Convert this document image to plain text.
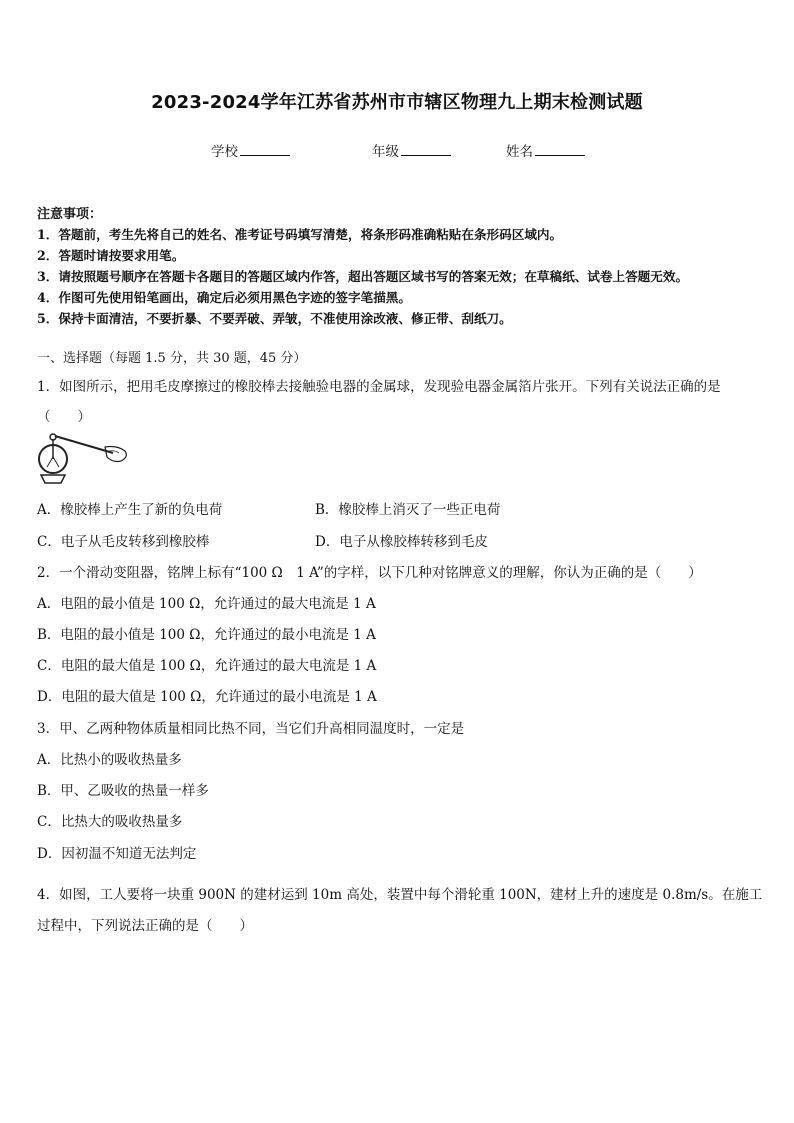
2023-2024学年江苏省苏州市市辖区物理九上期末检测试题
学校	年级	姓名
注意事项：
1．答题前，考生先将自己的姓名、准考证号码填写清楚，将条形码准确粘贴在条形码区域内。
2．答题时请按要求用笔。
3．请按照题号顺序在答题卡各题目的答题区域内作答，超出答题区域书写的答案无效；在草稿纸、试卷上答题无效。
4．作图可先使用铅笔画出，确定后必须用黑色字迹的签字笔描黑。
5．保持卡面清洁，不要折暴、不要弄破、弄皱，不准使用涂改液、修正带、刮纸刀。
一、选择题（每题 1.5 分，共 30 题，45 分）
1．如图所示，把用毛皮摩擦过的橡胶棒去接触验电器的金属球，发现验电器金属箔片张开。下列有关说法正确的是
（　　）
A．橡胶棒上产生了新的负电荷	B．橡胶棒上消灭了一些正电荷
C．电子从毛皮转移到橡胶棒	D．电子从橡胶棒转移到毛皮
2．一个滑动变阻器，铭牌上标有“100 Ω　1 A”的字样，以下几种对铭牌意义的理解，你认为正确的是（　　）
A．电阻的最小值是 100 Ω，允许通过的最大电流是 1 A
B．电阻的最小值是 100 Ω，允许通过的最小电流是 1 A
C．电阻的最大值是 100 Ω，允许通过的最大电流是 1 A
D．电阻的最大值是 100 Ω，允许通过的最小电流是 1 A
3．甲、乙两种物体质量相同比热不同，当它们升高相同温度时，一定是
A．比热小的吸收热量多
B．甲、乙吸收的热量一样多
C．比热大的吸收热量多
D．因初温不知道无法判定
4．如图，工人要将一块重 900N 的建材运到 10m 高处，装置中每个滑轮重 100N，建材上升的速度是 0.8m/s。在施工
过程中，下列说法正确的是（　　）
